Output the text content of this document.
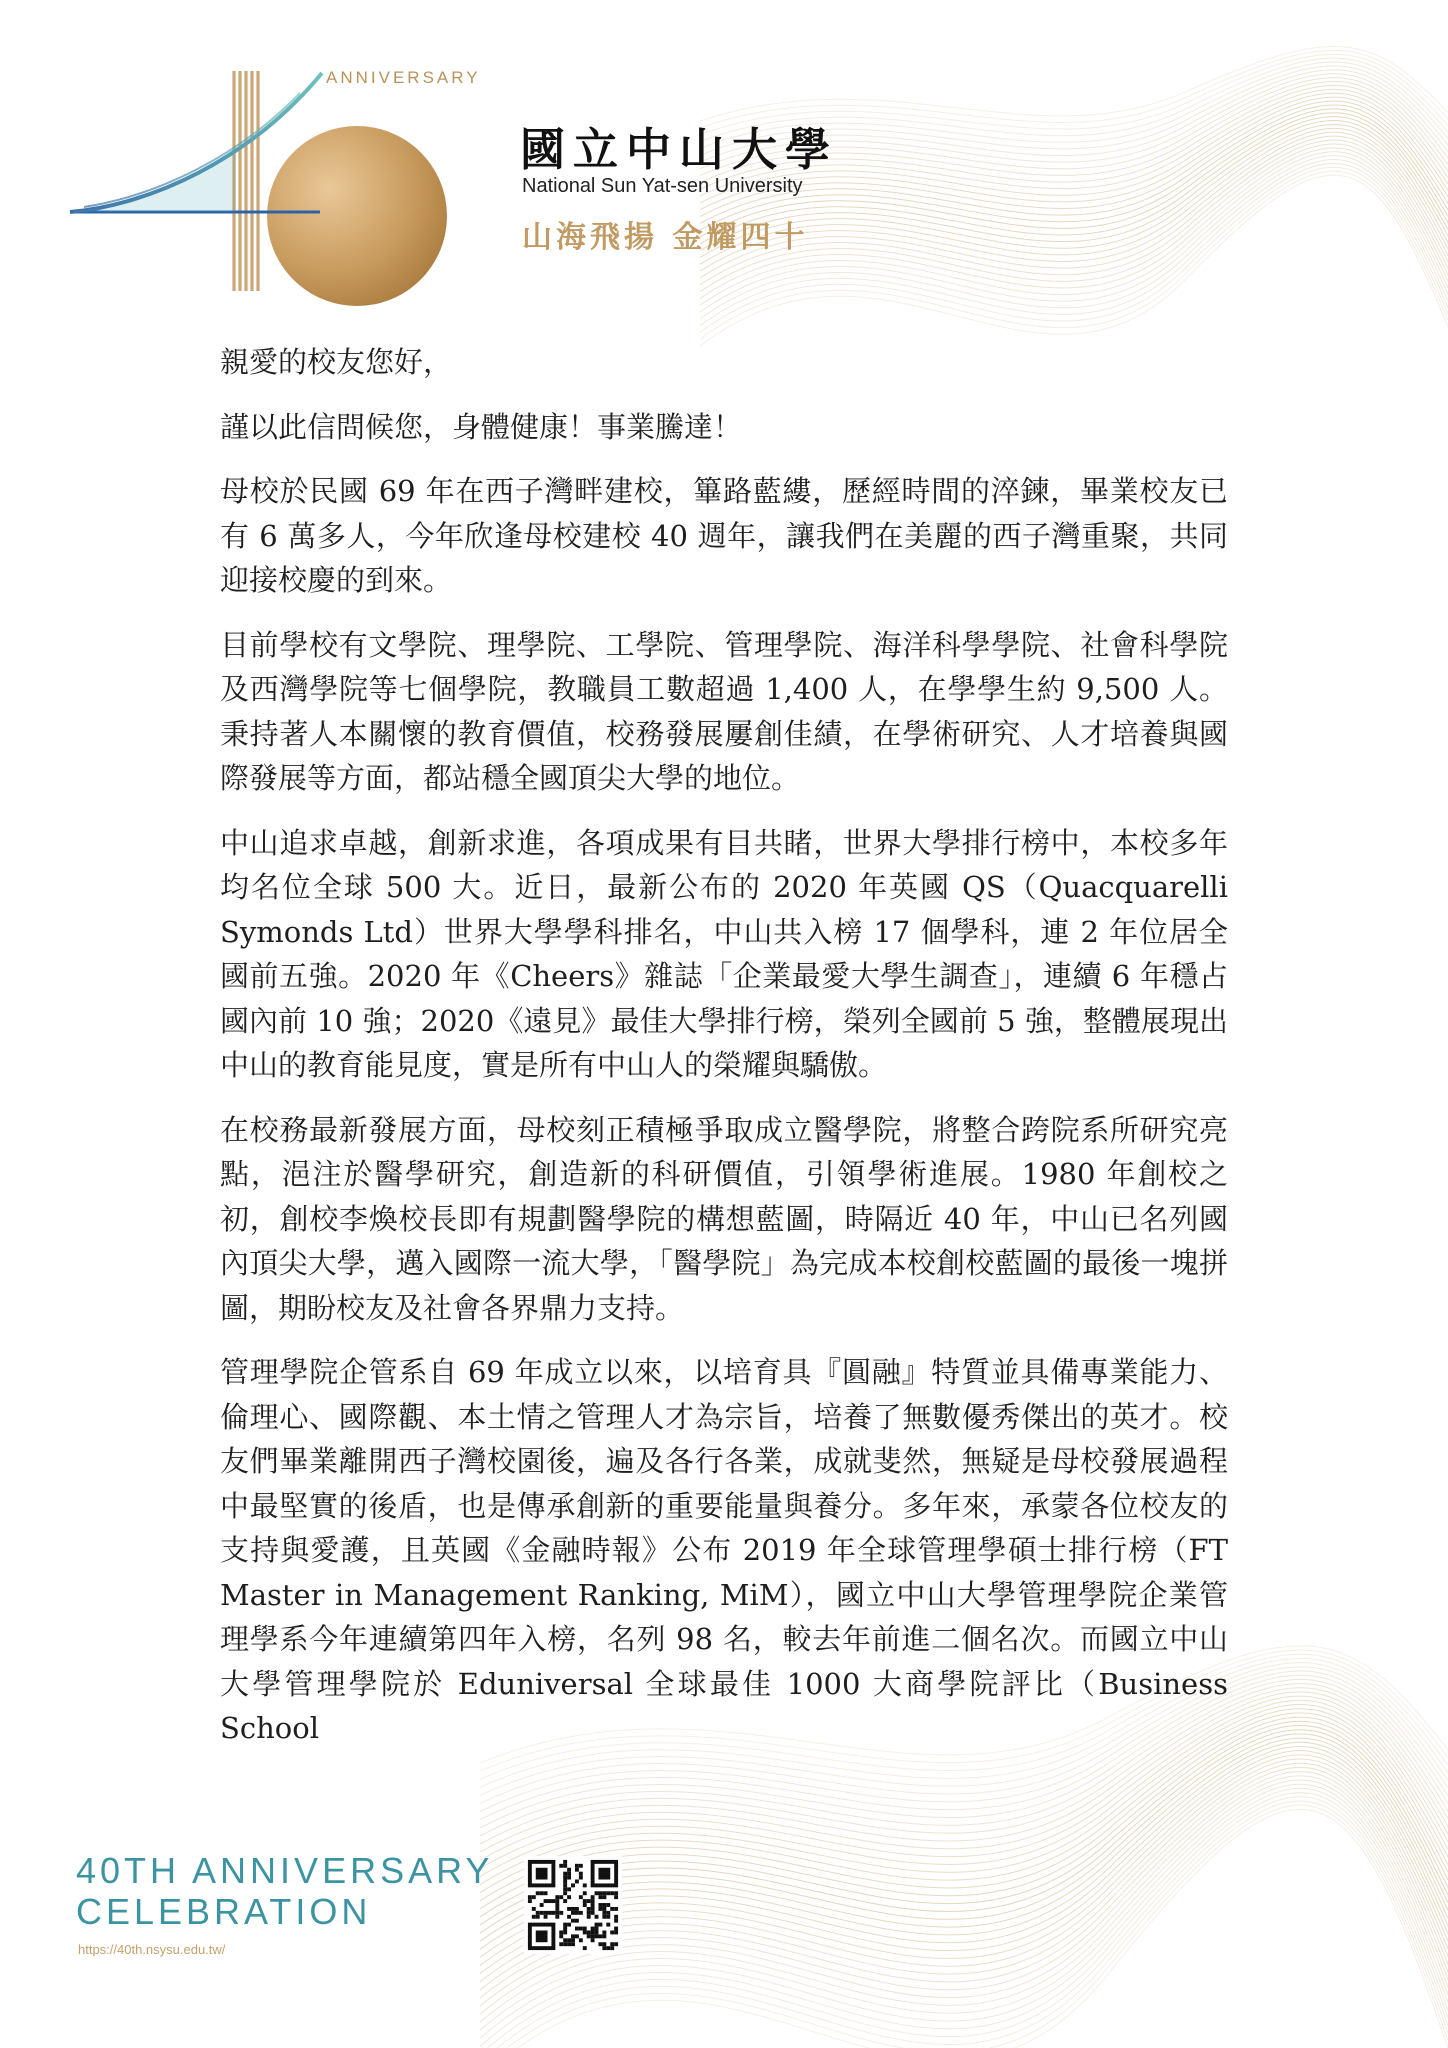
ANNIVERSARY
國立中山大學
National Sun Yat-sen University
山海飛揚 金耀四十

親愛的校友您好，

謹以此信問候您，身體健康！事業騰達！

母校於民國 69 年在西子灣畔建校，篳路藍縷，歷經時間的淬鍊，畢業校友已有 6 萬多人，今年欣逢母校建校 40 週年，讓我們在美麗的西子灣重聚，共同迎接校慶的到來。

目前學校有文學院、理學院、工學院、管理學院、海洋科學學院、社會科學院及西灣學院等七個學院，教職員工數超過 1,400 人，在學學生約 9,500 人。秉持著人本關懷的教育價值，校務發展屢創佳績，在學術研究、人才培養與國際發展等方面，都站穩全國頂尖大學的地位。

中山追求卓越，創新求進，各項成果有目共睹，世界大學排行榜中，本校多年均名位全球 500 大。近日，最新公布的 2020 年英國 QS（Quacquarelli Symonds Ltd）世界大學學科排名，中山共入榜 17 個學科，連 2 年位居全國前五強。2020 年《Cheers》雜誌「企業最愛大學生調查」，連續 6 年穩占國內前 10 強；2020《遠見》最佳大學排行榜，榮列全國前 5 強，整體展現出中山的教育能見度，實是所有中山人的榮耀與驕傲。

在校務最新發展方面，母校刻正積極爭取成立醫學院，將整合跨院系所研究亮點，浥注於醫學研究，創造新的科研價值，引領學術進展。1980 年創校之初，創校李煥校長即有規劃醫學院的構想藍圖，時隔近 40 年，中山已名列國內頂尖大學，邁入國際一流大學，「醫學院」為完成本校創校藍圖的最後一塊拼圖，期盼校友及社會各界鼎力支持。

管理學院企管系自 69 年成立以來，以培育具『圓融』特質並具備專業能力、倫理心、國際觀、本土情之管理人才為宗旨，培養了無數優秀傑出的英才。校友們畢業離開西子灣校園後，遍及各行各業，成就斐然，無疑是母校發展過程中最堅實的後盾，也是傳承創新的重要能量與養分。多年來，承蒙各位校友的支持與愛護，且英國《金融時報》公布 2019 年全球管理學碩士排行榜（FT Master in Management Ranking, MiM），國立中山大學管理學院企業管理學系今年連續第四年入榜，名列 98 名，較去年前進二個名次。而國立中山大學管理學院於 Eduniversal 全球最佳 1000 大商學院評比（Business School

40TH ANNIVERSARY
CELEBRATION
https://40th.nsysu.edu.tw/
